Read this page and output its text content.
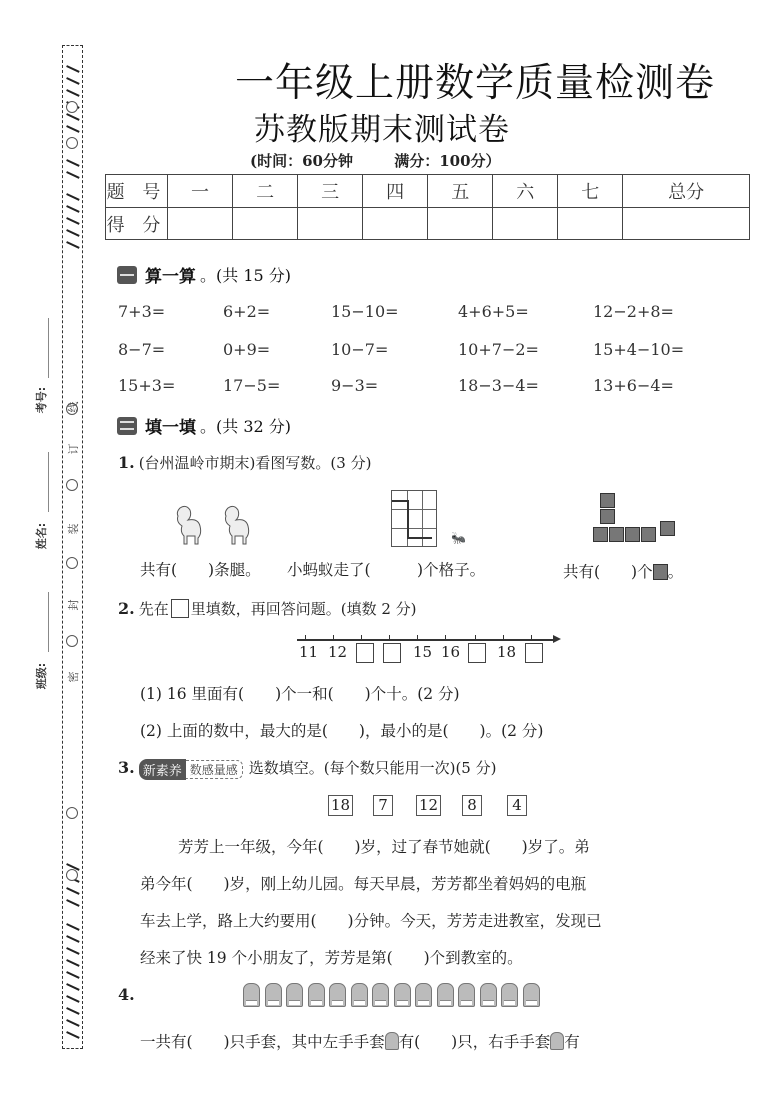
线
订
装
封
密
考号:
姓名:
班级:
一年级上册数学质量检测卷
苏教版期末测试卷
(时间：60分钟	满分：100分）
题 号	一	二	三	四	五	六	七	总分
得 分								
算一算 。(共 15 分)
7+3=	6+2=	15−10=	4+6+5=	12−2+8=
8−7=	0+9=	10−7=	10+7−2=	15+4−10=
15+3=	17−5=	9−3=	18−3−4=	13+6−4=
填一填 。(共 32 分)
1. (台州温岭市期末)看图写数。(3 分)
🐜
共有(　　)条腿。 小蚂蚁走了(　　　)个格子。	共有(　　)个 。
2. 先在 里填数，再回答问题。(填数 2 分)
11 12	15 16 18
(1) 16 里面有(　　)个一和(　　)个十。(2 分)
(2) 上面的数中，最大的是(　　)，最小的是(　　)。(2 分)
3. 新素养 数感量感 选数填空。(每个数只能用一次)(5 分)
18	7	12	8	4
芳芳上一年级，今年(　　)岁，过了春节她就(　　)岁了。弟
弟今年(　　)岁，刚上幼儿园。每天早晨，芳芳都坐着妈妈的电瓶
车去上学，路上大约要用(　　)分钟。今天，芳芳走进教室，发现已
经来了快 19 个小朋友了，芳芳是第(　　)个到教室的。
4.
一共有(　　)只手套，其中左手手套 有(　　)只，右手手套 有
